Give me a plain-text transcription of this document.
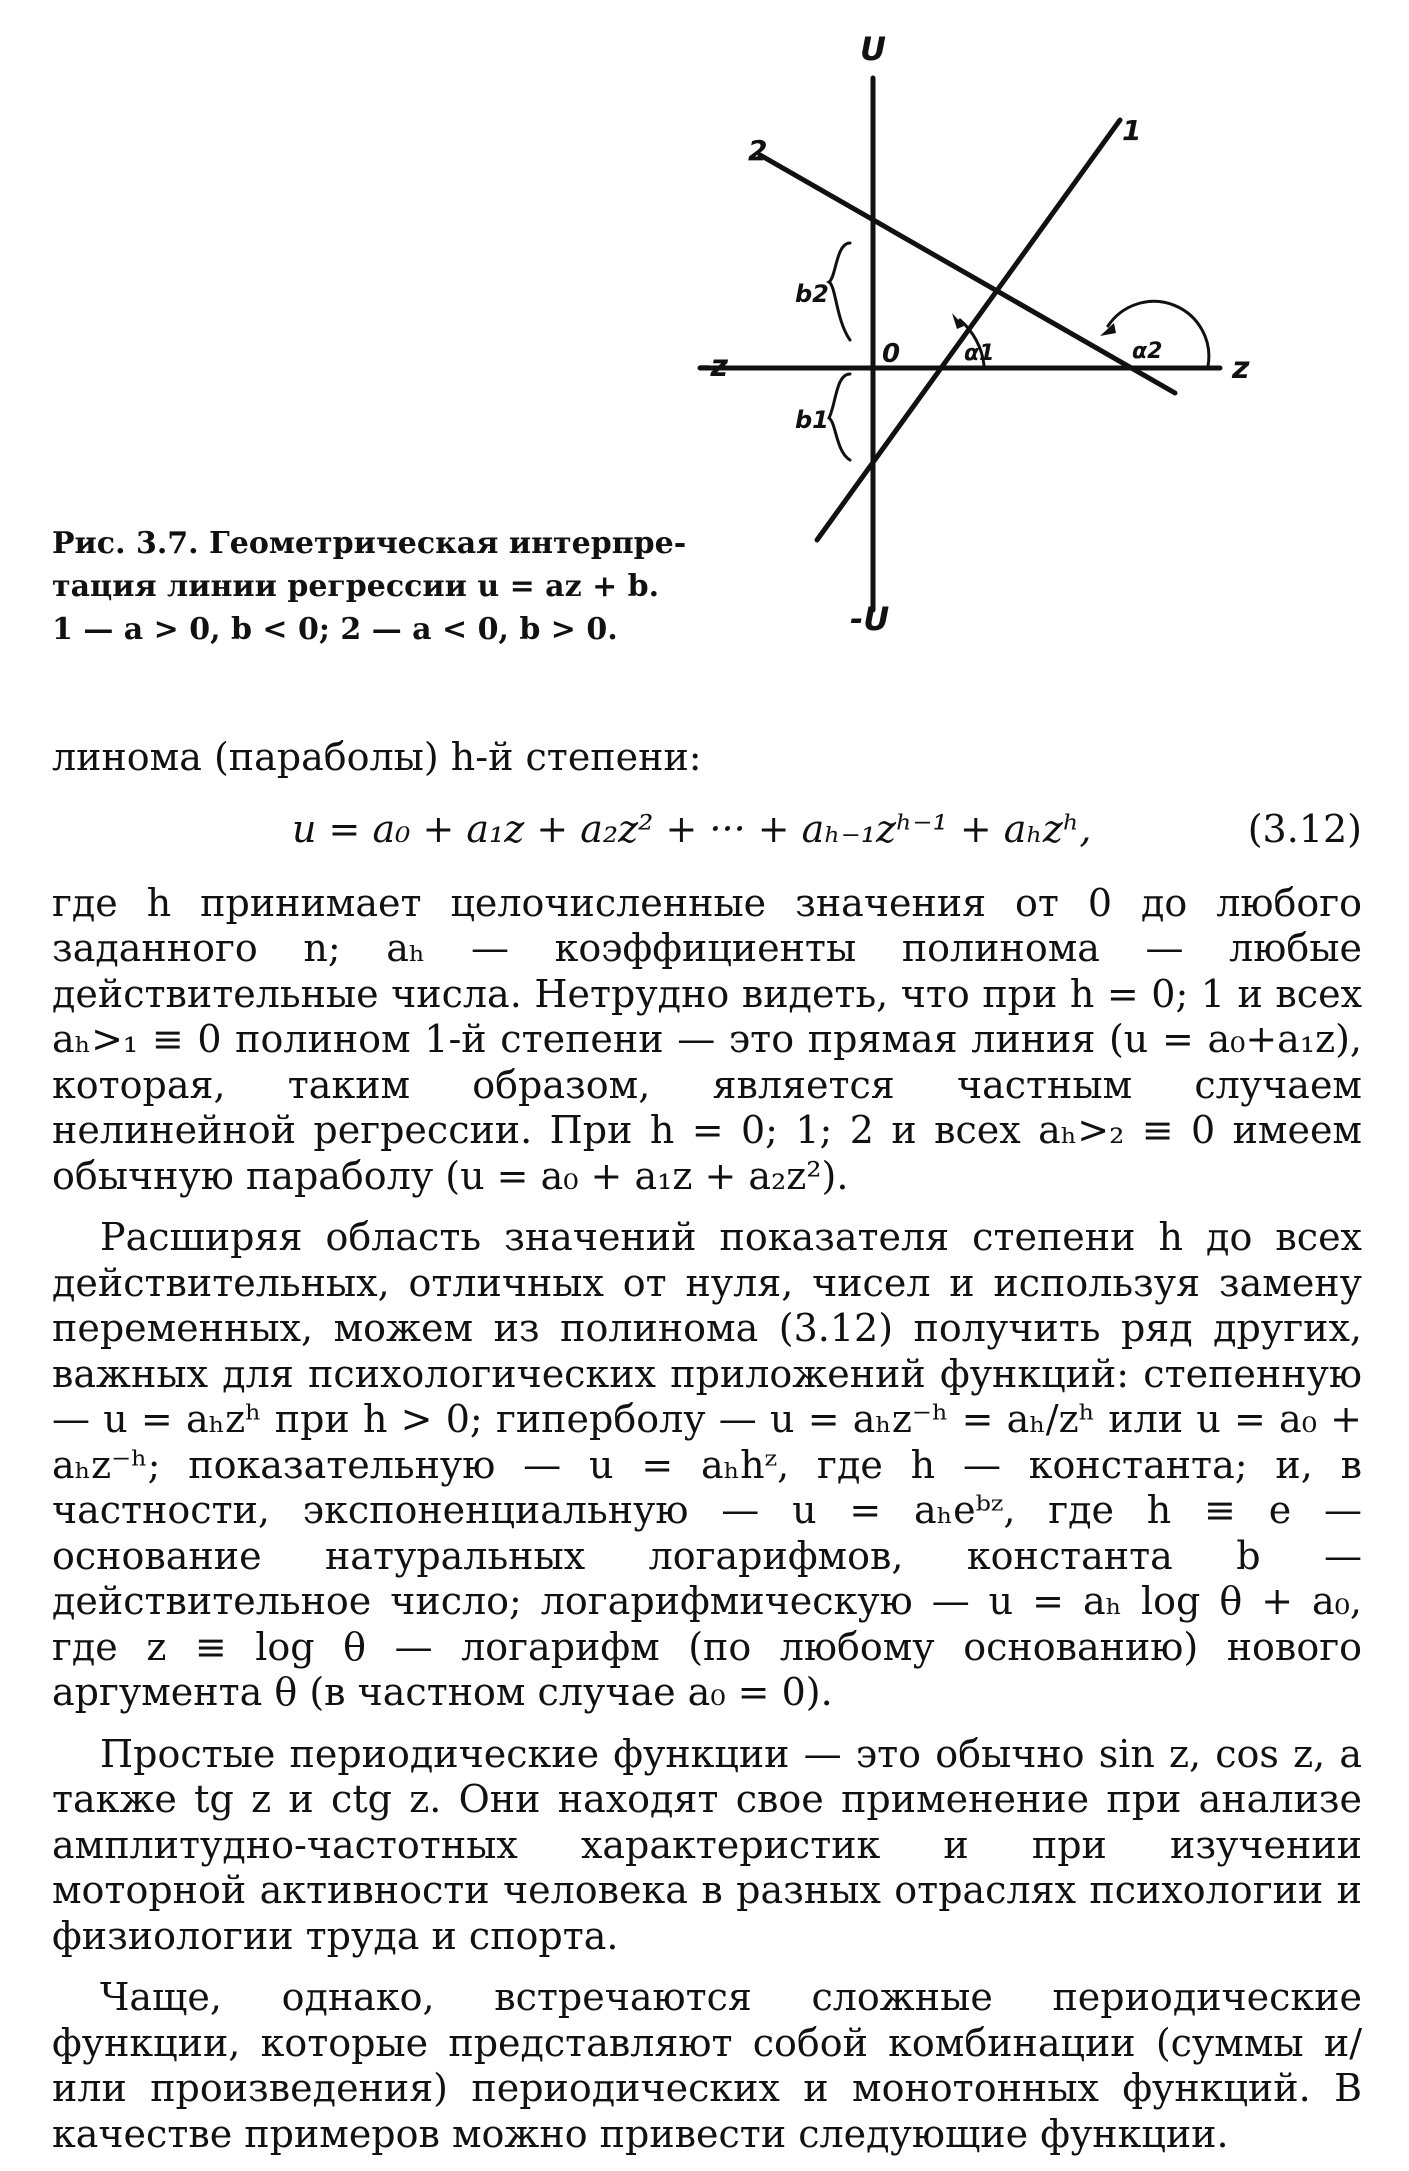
U
-U
-z	z
0
1
2
b2
b1
α1	α2
Рис. 3.7. Геометрическая интерпре-
тация линии регрессии u = az + b.
1 — a > 0, b < 0; 2 — a < 0, b > 0.

линома (параболы) h-й степени:

u = a₀ + a₁z + a₂z² + ··· + aₕ₋₁zʰ⁻¹ + aₕzʰ,	(3.12)

где h принимает целочисленные значения от 0 до любого заданного n; aₕ — коэффициенты полинома — любые действительные числа. Нетрудно видеть, что при h = 0; 1 и всех aₕ>₁ ≡ 0 полином 1-й степени — это прямая линия (u = a₀+a₁z), которая, таким образом, является частным случаем нелинейной регрессии. При h = 0; 1; 2 и всех aₕ>₂ ≡ 0 имеем обычную параболу (u = a₀ + a₁z + a₂z²).

Расширяя область значений показателя степени h до всех действительных, отличных от нуля, чисел и используя замену переменных, можем из полинома (3.12) получить ряд других, важных для психологических приложений функций: степенную — u = aₕzʰ при h > 0; гиперболу — u = aₕz⁻ʰ = aₕ/zʰ или u = a₀ + aₕz⁻ʰ; показательную — u = aₕhᶻ, где h — константа; и, в частности, экспоненциальную — u = aₕeᵇᶻ, где h ≡ e — основание натуральных логарифмов, константа b — действительное число; логарифмическую — u = aₕ log θ + a₀, где z ≡ log θ — логарифм (по любому основанию) нового аргумента θ (в частном случае a₀ = 0).

Простые периодические функции — это обычно sin z, cos z, а также tg z и ctg z. Они находят свое применение при анализе амплитудно-частотных характеристик и при изучении моторной активности человека в разных отраслях психологии и физиологии труда и спорта.

Чаще, однако, встречаются сложные периодические функции, которые представляют собой комбинации (суммы и/или произведения) периодических и монотонных функций. В качестве примеров можно привести следующие функции.
